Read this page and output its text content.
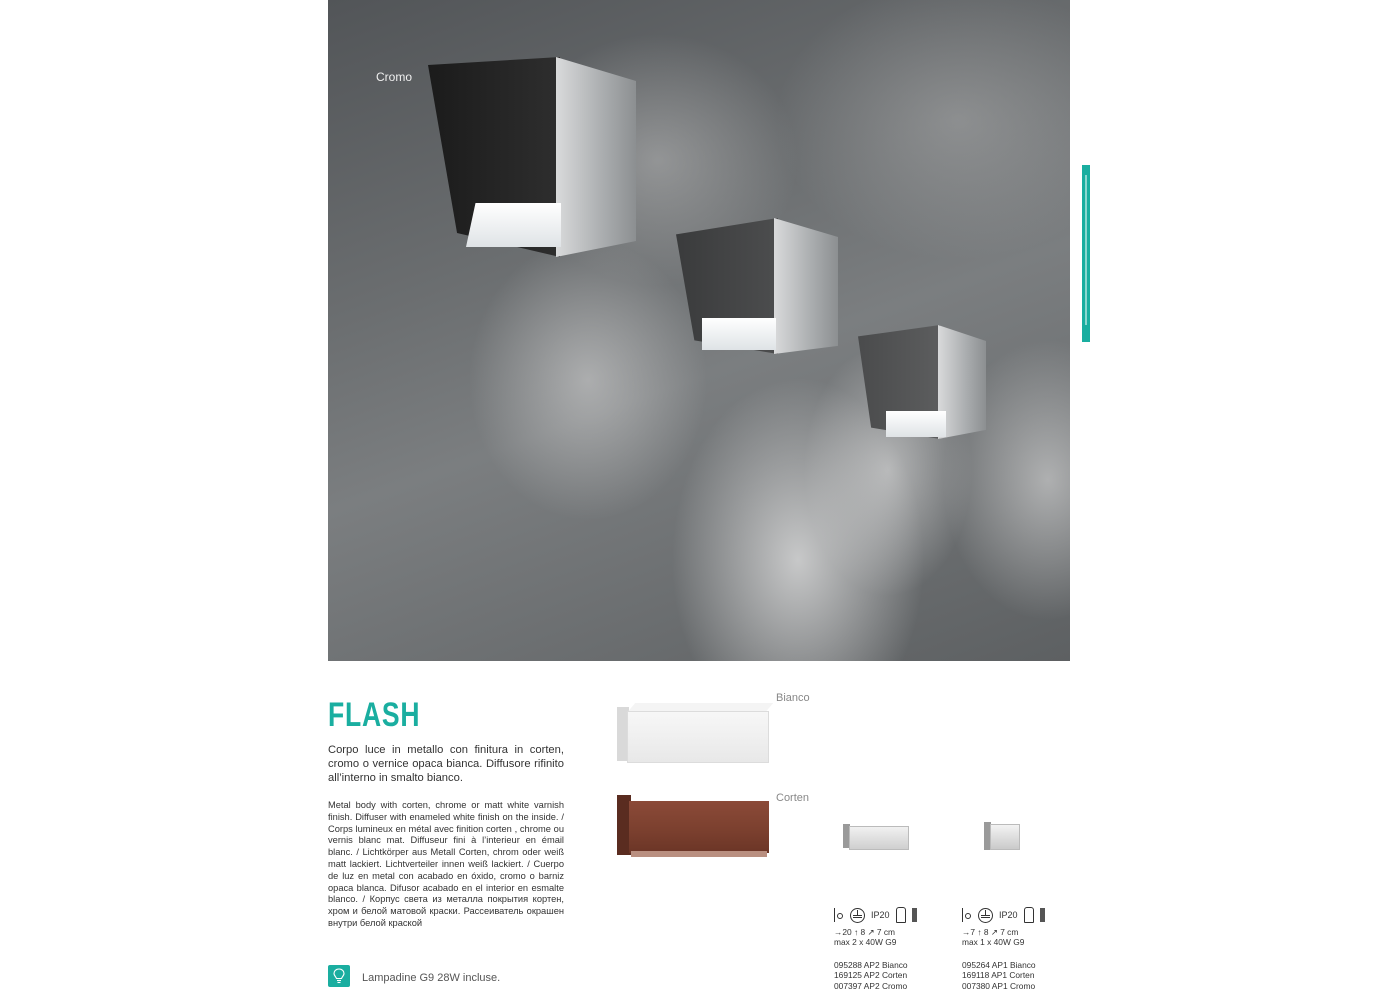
Cromo
FLASH
Corpo luce in metallo con finitura in corten, cromo o vernice opaca bianca. Diffusore rifinito all’interno in smalto bianco.
Metal body with corten, chrome or matt white varnish finish. Diffuser with enameled white finish on the inside. / Corps lumineux en métal avec finition corten , chrome ou vernis blanc mat. Diffuseur fini à l’interieur en émail blanc. / Lichtkörper aus Metall Corten, chrom oder weiß matt lackiert. Lichtverteiler innen weiß lackiert. / Cuerpo de luz en metal con acabado en óxido, cromo o barniz opaca blanca. Difusor acabado en el interior en esmalte blanco. / Корпус света из металла покрытия кортен, хром и белой матовой краски. Рассеиватель окрашен внутри белой краской
Lampadine G9 28W incluse.
Bianco
Corten
IP20
→20 ↑ 8 ↗ 7 cm
max 2 x 40W G9
095288 AP2 Bianco
169125 AP2 Corten
007397 AP2 Cromo
IP20
→7 ↑ 8 ↗ 7 cm
max 1 x 40W G9
095264 AP1 Bianco
169118 AP1 Corten
007380 AP1 Cromo
